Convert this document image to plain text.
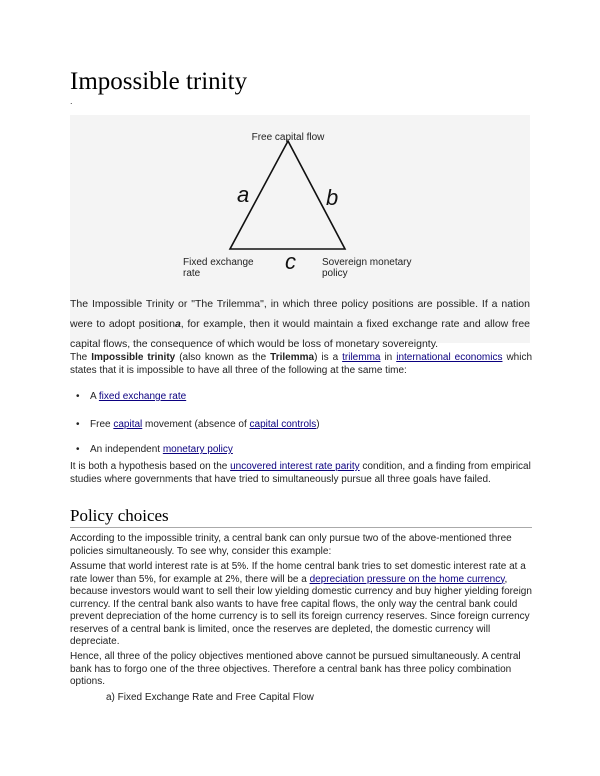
Impossible trinity
.
Free capital flow
Fixed exchange
rate
Sovereign monetary
policy
a	b
c
The Impossible Trinity or "The Trilemma", in which three policy positions are possible. If a nation were to adopt positiona, for example, then it would maintain a fixed exchange rate and allow free capital flows, the consequence of which would be loss of monetary sovereignty.
The Impossible trinity (also known as the Trilemma) is a trilemma in international economics which states that it is impossible to have all three of the following at the same time:
• A fixed exchange rate
• Free capital movement (absence of capital controls)
• An independent monetary policy
It is both a hypothesis based on the uncovered interest rate parity condition, and a finding from empirical studies where governments that have tried to simultaneously pursue all three goals have failed.
Policy choices
According to the impossible trinity, a central bank can only pursue two of the above-mentioned three policies simultaneously. To see why, consider this example:
Assume that world interest rate is at 5%. If the home central bank tries to set domestic interest rate at a rate lower than 5%, for example at 2%, there will be a depreciation pressure on the home currency, because investors would want to sell their low yielding domestic currency and buy higher yielding foreign currency. If the central bank also wants to have free capital flows, the only way the central bank could prevent depreciation of the home currency is to sell its foreign currency reserves. Since foreign currency reserves of a central bank is limited, once the reserves are depleted, the domestic currency will depreciate.
Hence, all three of the policy objectives mentioned above cannot be pursued simultaneously. A central bank has to forgo one of the three objectives. Therefore a central bank has three policy combination options.
a) Fixed Exchange Rate and Free Capital Flow
